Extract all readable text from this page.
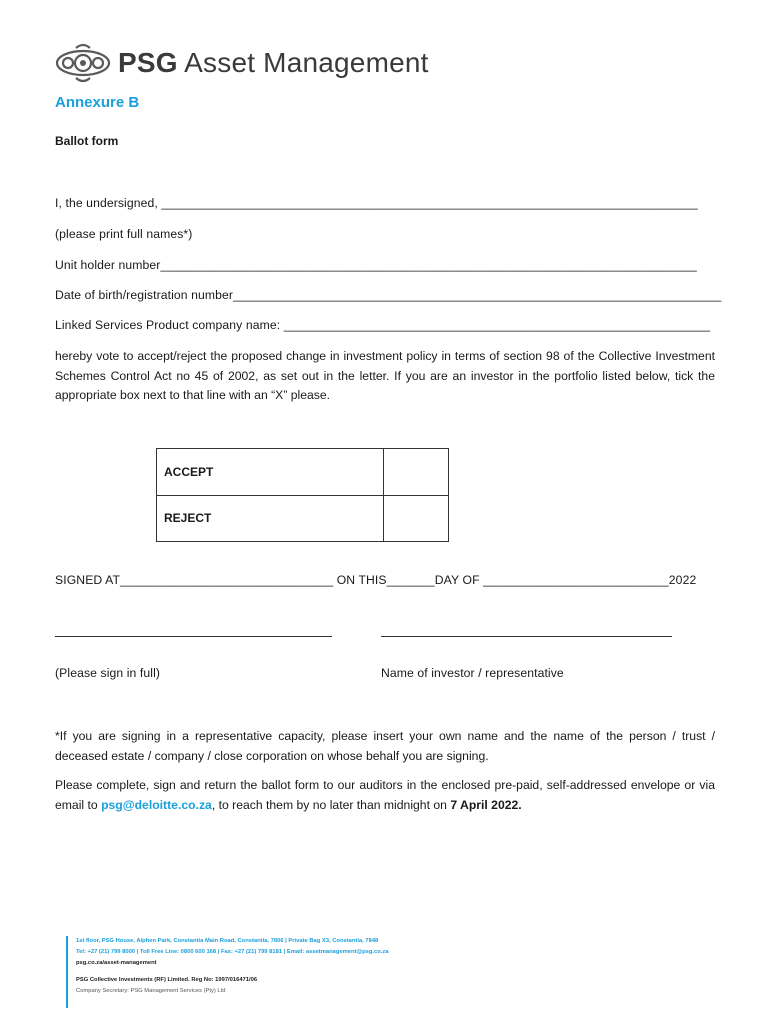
PSG Asset Management
Annexure B
Ballot form
I, the undersigned, ______________________________________________________________________________
(please print full names*)
Unit holder number______________________________________________________________________________
Date of birth/registration number_______________________________________________________________________
Linked Services Product company name: ______________________________________________________________
hereby vote to accept/reject the proposed change in investment policy in terms of section 98 of the Collective Investment Schemes Control Act no 45 of 2002, as set out in the letter. If you are an investor in the portfolio listed below, tick the appropriate box next to that line with an “X” please.
ACCEPT	
REJECT	
SIGNED AT_______________________________ ON THIS_______DAY OF ___________________________2022
(Please sign in full)	Name of investor / representative
*If you are signing in a representative capacity, please insert your own name and the name of the person / trust / deceased estate / company / close corporation on whose behalf you are signing.
Please complete, sign and return the ballot form to our auditors in the enclosed pre-paid, self-addressed envelope or via email to psg@deloitte.co.za, to reach them by no later than midnight on 7 April 2022.
1st floor, PSG House, Alphen Park, Constantia Main Road, Constantia, 7806 | Private Bag X3, Constantia, 7848
Tel: +27 (21) 799 8000 | Toll Free Line: 0800 600 168 | Fax: +27 (21) 799 8181 | Email: assetmanagement@psg.co.za
psg.co.za/asset-management
PSG Collective Investments (RF) Limited. Reg No: 1997/016471/06
Company Secretary: PSG Management Services (Pty) Ltd
